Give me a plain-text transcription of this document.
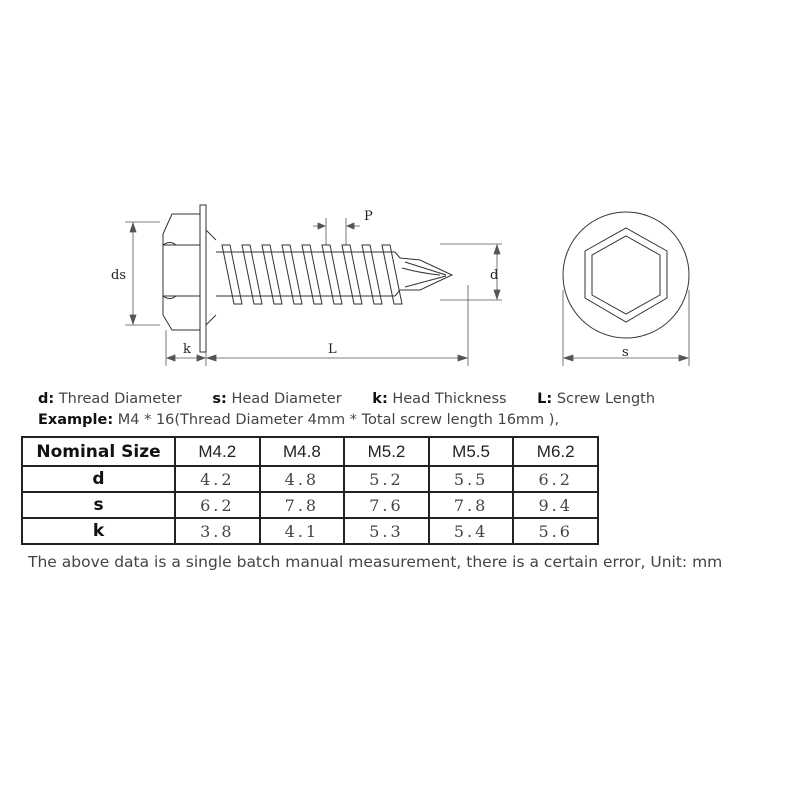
ds
k	L
P
d
s
d: Thread Diameter s: Head Diameter k: Head Thickness L: Screw Length
Example: M4 * 16(Thread Diameter 4mm * Total screw length 16mm ),
Nominal Size	M4.2	M4.8	M5.2	M5.5	M6.2
d	4.2	4.8	5.2	5.5	6.2
s	6.2	7.8	7.6	7.8	9.4
k	3.8	4.1	5.3	5.4	5.6
The above data is a single batch manual measurement, there is a certain error, Unit: mm
